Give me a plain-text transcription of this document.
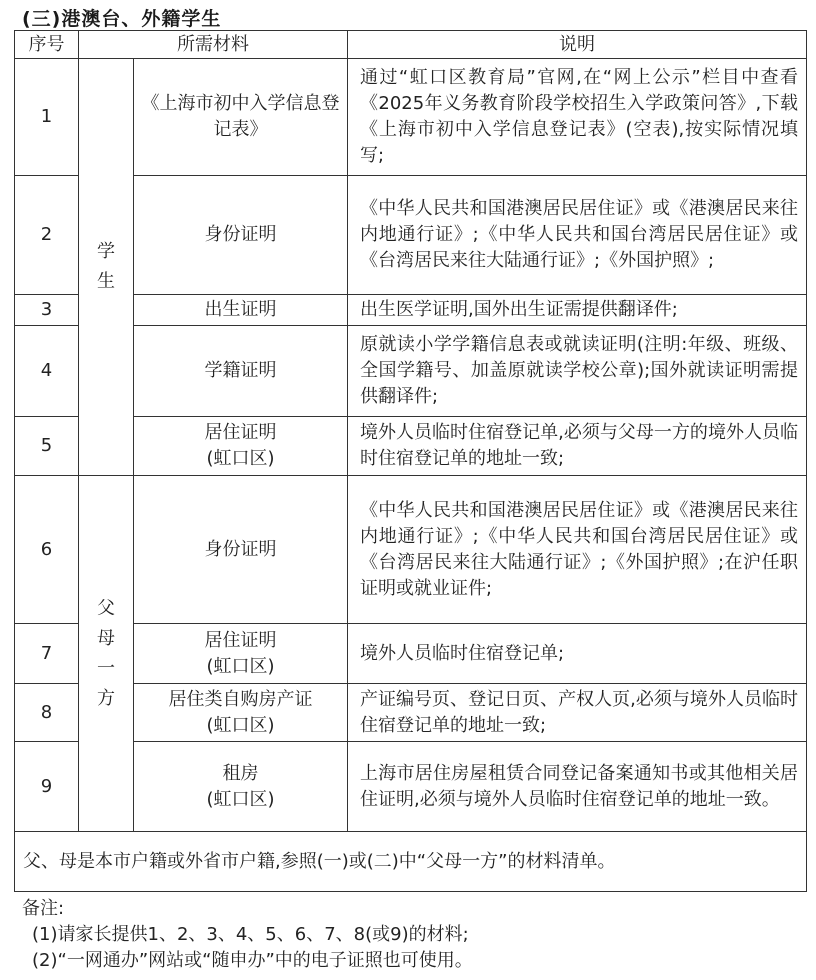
(三)港澳台、外籍学生
序号	所需材料		说明
1	学生	《上海市初中入学信息登记表》	通过“虹口区教育局”官网,在“网上公示”栏目中查看《2025年义务教育阶段学校招生入学政策问答》,下载《上海市初中入学信息登记表》(空表),按实际情况填写;
2		身份证明	《中华人民共和国港澳居民居住证》或《港澳居民来往内地通行证》;《中华人民共和国台湾居民居住证》或《台湾居民来往大陆通行证》;《外国护照》;
3		出生证明	出生医学证明,国外出生证需提供翻译件;
4		学籍证明	原就读小学学籍信息表或就读证明(注明:年级、班级、全国学籍号、加盖原就读学校公章);国外就读证明需提供翻译件;
5		居住证明
(虹口区)	境外人员临时住宿登记单,必须与父母一方的境外人员临时住宿登记单的地址一致;
6	父母一方	身份证明	《中华人民共和国港澳居民居住证》或《港澳居民来往内地通行证》;《中华人民共和国台湾居民居住证》或《台湾居民来往大陆通行证》;《外国护照》;在沪任职证明或就业证件;
7		居住证明
(虹口区)	境外人员临时住宿登记单;
8		居住类自购房产证
(虹口区)	产证编号页、登记日页、产权人页,必须与境外人员临时住宿登记单的地址一致;
9		租房
(虹口区)	上海市居住房屋租赁合同登记备案通知书或其他相关居住证明,必须与境外人员临时住宿登记单的地址一致。
父、母是本市户籍或外省市户籍,参照(一)或(二)中“父母一方”的材料清单。			
备注:
(1)请家长提供1、2、3、4、5、6、7、8(或9)的材料;
(2)“一网通办”网站或“随申办”中的电子证照也可使用。
